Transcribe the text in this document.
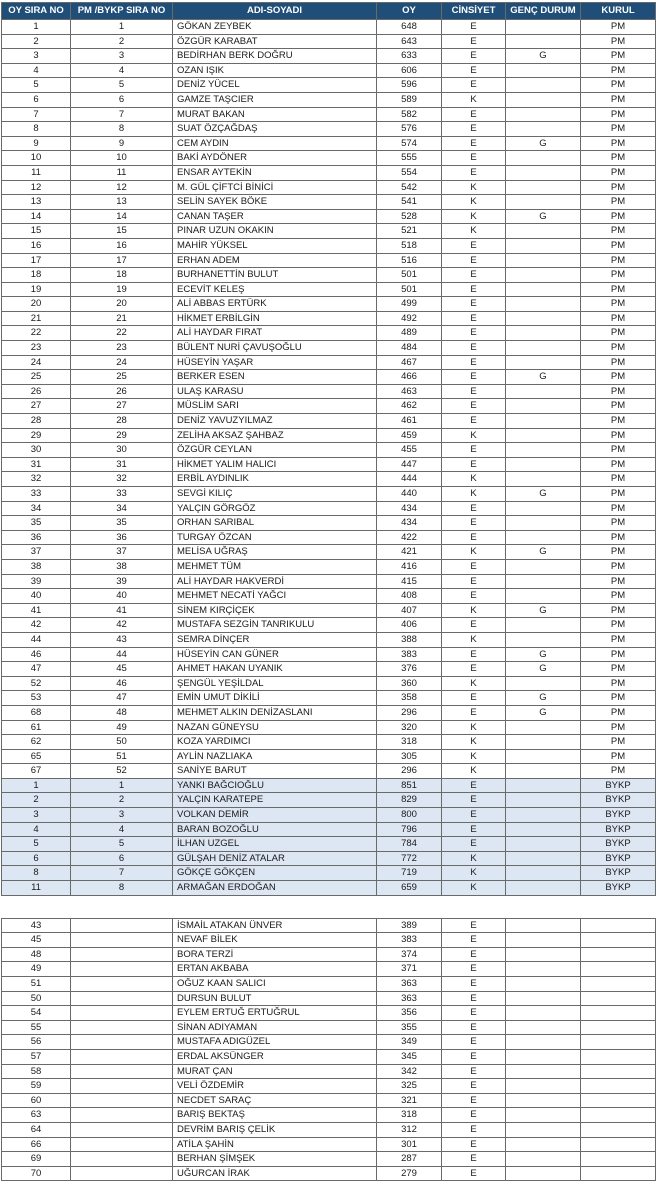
OY SIRA NO	PM /BYKP SIRA NO	ADI-SOYADI	OY	CİNSİYET	GENÇ DURUM	KURUL
1	1	GÖKAN ZEYBEK	648	E		PM
2	2	ÖZGÜR KARABAT	643	E		PM
3	3	BEDİRHAN BERK DOĞRU	633	E	G	PM
4	4	OZAN IŞIK	606	E		PM
5	5	DENİZ YÜCEL	596	E		PM
6	6	GAMZE TAŞCIER	589	K		PM
7	7	MURAT BAKAN	582	E		PM
8	8	SUAT ÖZÇAĞDAŞ	576	E		PM
9	9	CEM AYDIN	574	E	G	PM
10	10	BAKİ AYDÖNER	555	E		PM
11	11	ENSAR AYTEKİN	554	E		PM
12	12	M. GÜL ÇİFTCİ BİNİCİ	542	K		PM
13	13	SELİN SAYEK BÖKE	541	K		PM
14	14	CANAN TAŞER	528	K	G	PM
15	15	PINAR UZUN OKAKIN	521	K		PM
16	16	MAHİR YÜKSEL	518	E		PM
17	17	ERHAN ADEM	516	E		PM
18	18	BURHANETTİN BULUT	501	E		PM
19	19	ECEVİT KELEŞ	501	E		PM
20	20	ALİ ABBAS ERTÜRK	499	E		PM
21	21	HİKMET ERBİLGİN	492	E		PM
22	22	ALİ HAYDAR FIRAT	489	E		PM
23	23	BÜLENT NURİ ÇAVUŞOĞLU	484	E		PM
24	24	HÜSEYİN YAŞAR	467	E		PM
25	25	BERKER ESEN	466	E	G	PM
26	26	ULAŞ KARASU	463	E		PM
27	27	MÜSLİM SARI	462	E		PM
28	28	DENİZ YAVUZYILMAZ	461	E		PM
29	29	ZELİHA AKSAZ ŞAHBAZ	459	K		PM
30	30	ÖZGÜR CEYLAN	455	E		PM
31	31	HİKMET YALIM HALICI	447	E		PM
32	32	ERBİL AYDINLIK	444	K		PM
33	33	SEVGİ KILIÇ	440	K	G	PM
34	34	YALÇIN GÖRGÖZ	434	E		PM
35	35	ORHAN SARIBAL	434	E		PM
36	36	TURGAY ÖZCAN	422	E		PM
37	37	MELİSA UĞRAŞ	421	K	G	PM
38	38	MEHMET TÜM	416	E		PM
39	39	ALİ HAYDAR HAKVERDİ	415	E		PM
40	40	MEHMET NECATİ YAĞCI	408	E		PM
41	41	SİNEM KIRÇİÇEK	407	K	G	PM
42	42	MUSTAFA SEZGİN TANRIKULU	406	E		PM
44	43	SEMRA DİNÇER	388	K		PM
46	44	HÜSEYİN CAN GÜNER	383	E	G	PM
47	45	AHMET HAKAN UYANIK	376	E	G	PM
52	46	ŞENGÜL YEŞİLDAL	360	K		PM
53	47	EMİN UMUT DİKİLİ	358	E	G	PM
68	48	MEHMET ALKIN DENİZASLANI	296	E	G	PM
61	49	NAZAN GÜNEYSU	320	K		PM
62	50	KOZA YARDIMCI	318	K		PM
65	51	AYLİN NAZLIAKA	305	K		PM
67	52	SANİYE BARUT	296	K		PM
1	1	YANKI BAĞCIOĞLU	851	E		BYKP
2	2	YALÇIN KARATEPE	829	E		BYKP
3	3	VOLKAN DEMİR	800	E		BYKP
4	4	BARAN BOZOĞLU	796	E		BYKP
5	5	İLHAN UZGEL	784	E		BYKP
6	6	GÜLŞAH DENİZ ATALAR	772	K		BYKP
8	7	GÖKÇE GÖKÇEN	719	K		BYKP
11	8	ARMAĞAN ERDOĞAN	659	K		BYKP
43		İSMAİL ATAKAN ÜNVER	389	E		
45		NEVAF BİLEK	383	E		
48		BORA TERZİ	374	E		
49		ERTAN AKBABA	371	E		
51		OĞUZ KAAN SALICI	363	E		
50		DURSUN BULUT	363	E		
54		EYLEM ERTUĞ ERTUĞRUL	356	E		
55		SİNAN ADIYAMAN	355	E		
56		MUSTAFA ADIGÜZEL	349	E		
57		ERDAL AKSÜNGER	345	E		
58		MURAT ÇAN	342	E		
59		VELİ ÖZDEMİR	325	E		
60		NECDET SARAÇ	321	E		
63		BARIŞ BEKTAŞ	318	E		
64		DEVRİM BARIŞ ÇELİK	312	E		
66		ATİLA ŞAHİN	301	E		
69		BERHAN ŞİMŞEK	287	E		
70		UĞURCAN İRAK	279	E		
